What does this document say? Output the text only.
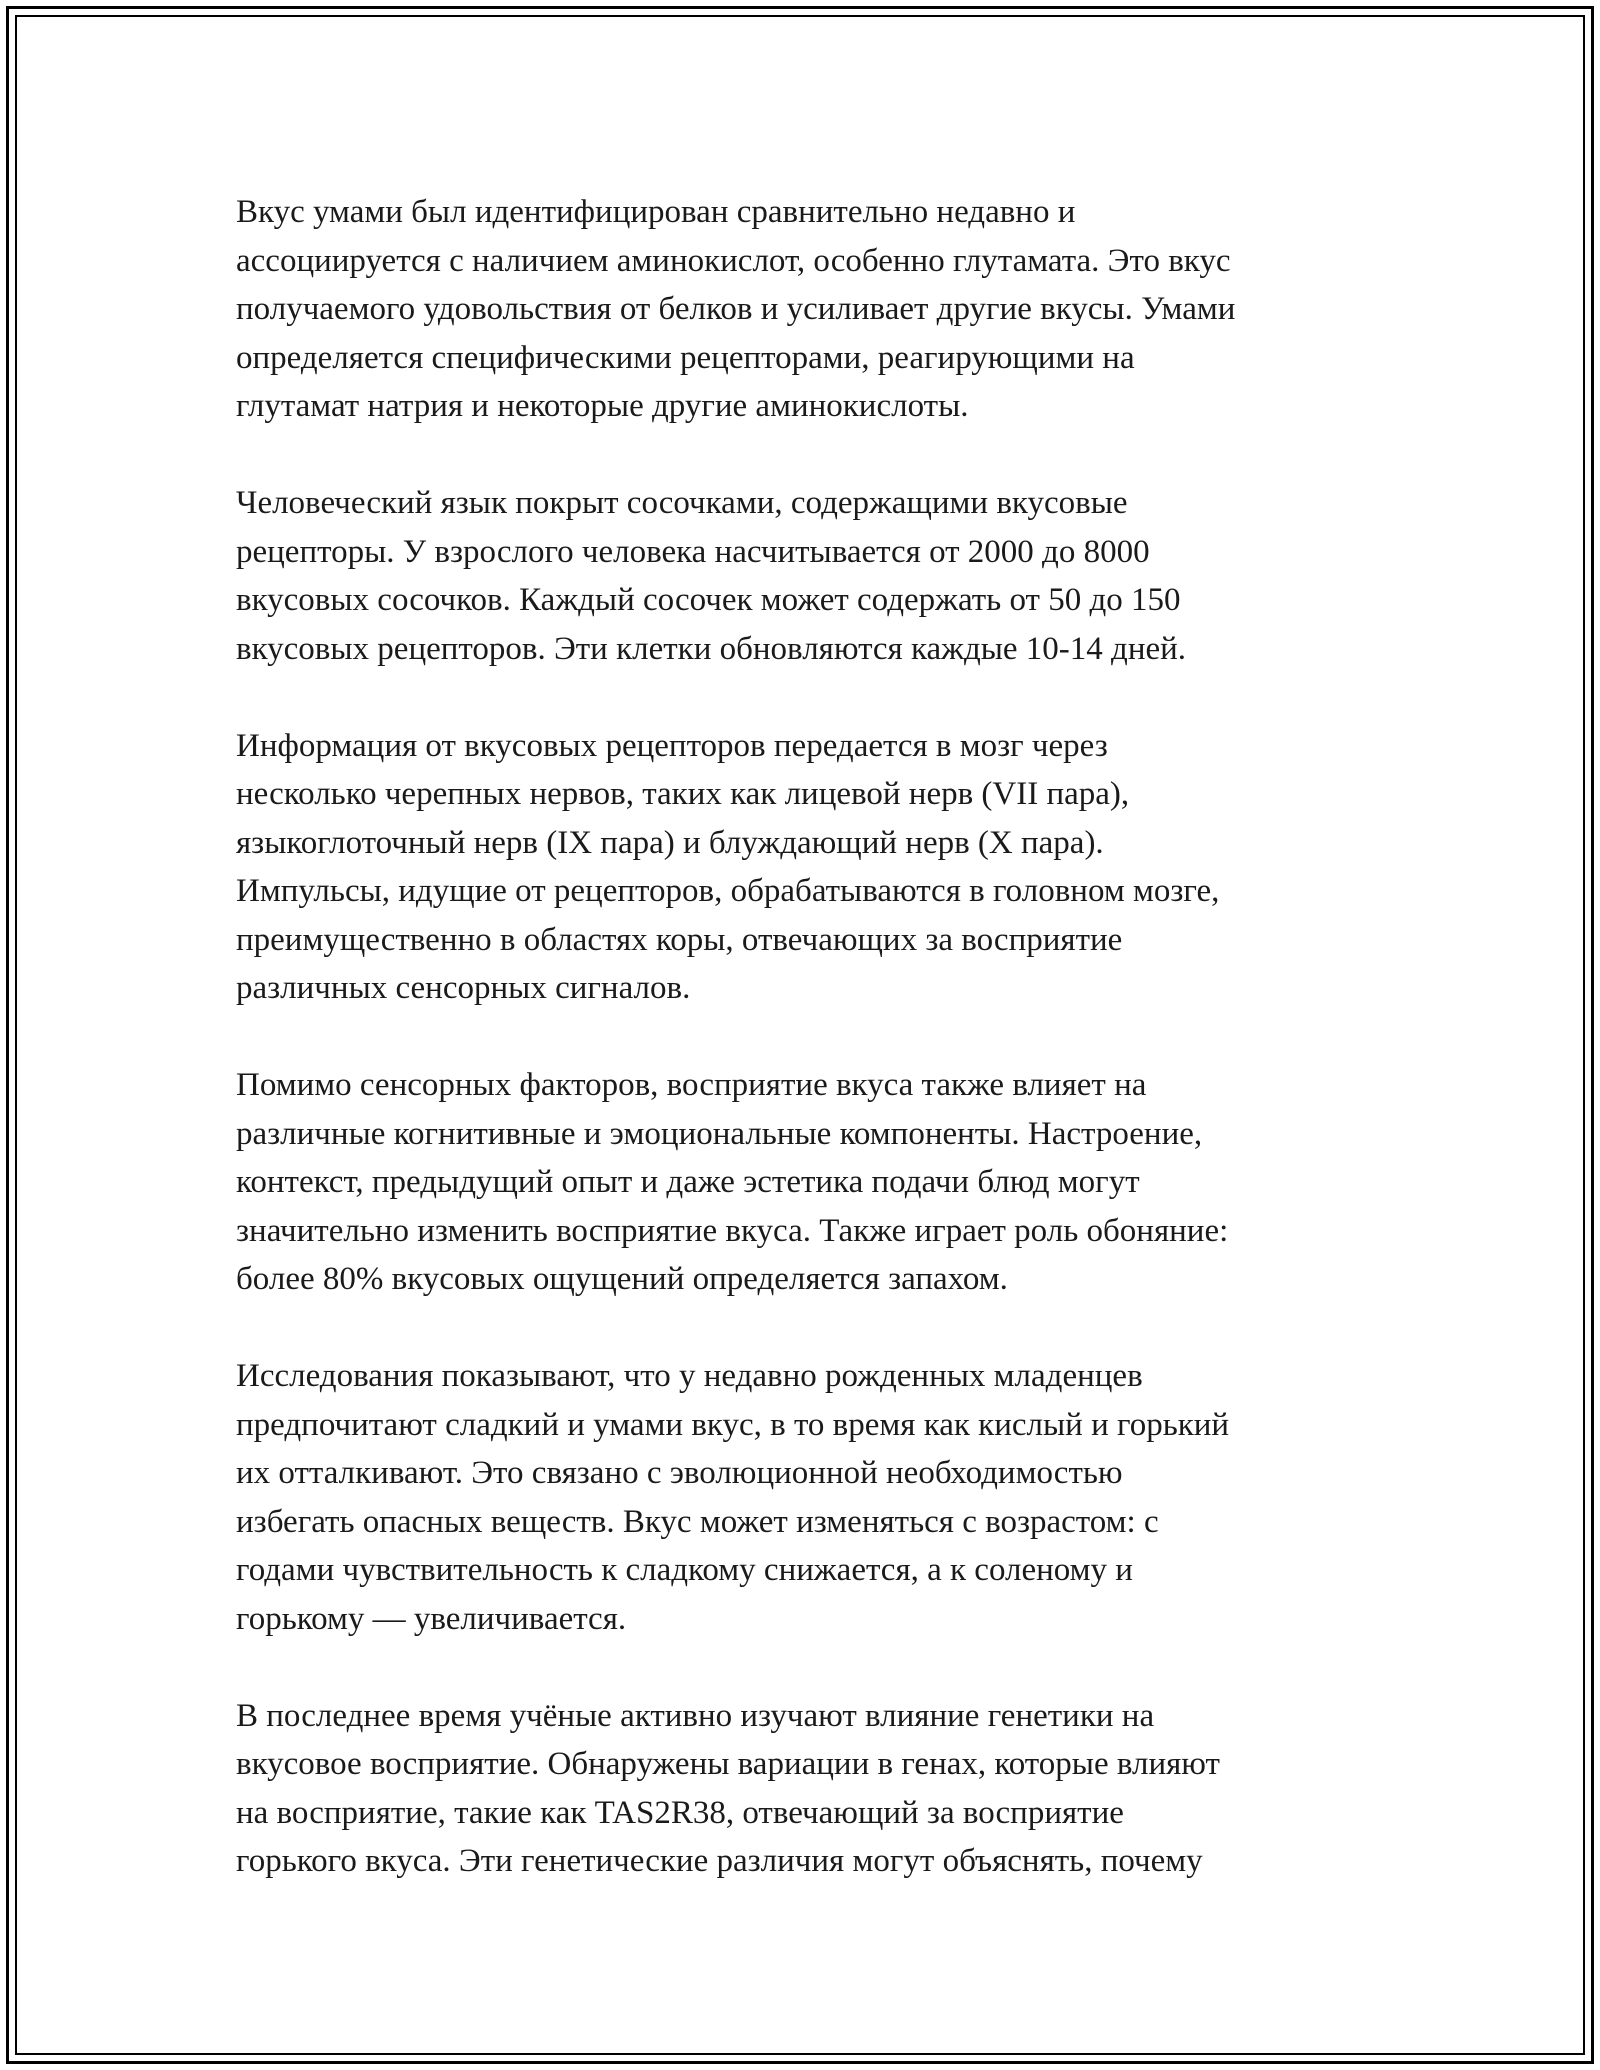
Вкус умами был идентифицирован сравнительно недавно и
ассоциируется с наличием аминокислот, особенно глутамата. Это вкус
получаемого удовольствия от белков и усиливает другие вкусы. Умами
определяется специфическими рецепторами, реагирующими на
глутамат натрия и некоторые другие аминокислоты.

Человеческий язык покрыт сосочками, содержащими вкусовые
рецепторы. У взрослого человека насчитывается от 2000 до 8000
вкусовых сосочков. Каждый сосочек может содержать от 50 до 150
вкусовых рецепторов. Эти клетки обновляются каждые 10-14 дней.

Информация от вкусовых рецепторов передается в мозг через
несколько черепных нервов, таких как лицевой нерв (VII пара),
языкоглоточный нерв (IX пара) и блуждающий нерв (X пара).
Импульсы, идущие от рецепторов, обрабатываются в головном мозге,
преимущественно в областях коры, отвечающих за восприятие
различных сенсорных сигналов.

Помимо сенсорных факторов, восприятие вкуса также влияет на
различные когнитивные и эмоциональные компоненты. Настроение,
контекст, предыдущий опыт и даже эстетика подачи блюд могут
значительно изменить восприятие вкуса. Также играет роль обоняние:
более 80% вкусовых ощущений определяется запахом.

Исследования показывают, что у недавно рожденных младенцев
предпочитают сладкий и умами вкус, в то время как кислый и горький
их отталкивают. Это связано с эволюционной необходимостью
избегать опасных веществ. Вкус может изменяться с возрастом: с
годами чувствительность к сладкому снижается, а к соленому и
горькому — увеличивается.

В последнее время учёные активно изучают влияние генетики на
вкусовое восприятие. Обнаружены вариации в генах, которые влияют
на восприятие, такие как TAS2R38, отвечающий за восприятие
горького вкуса. Эти генетические различия могут объяснять, почему
